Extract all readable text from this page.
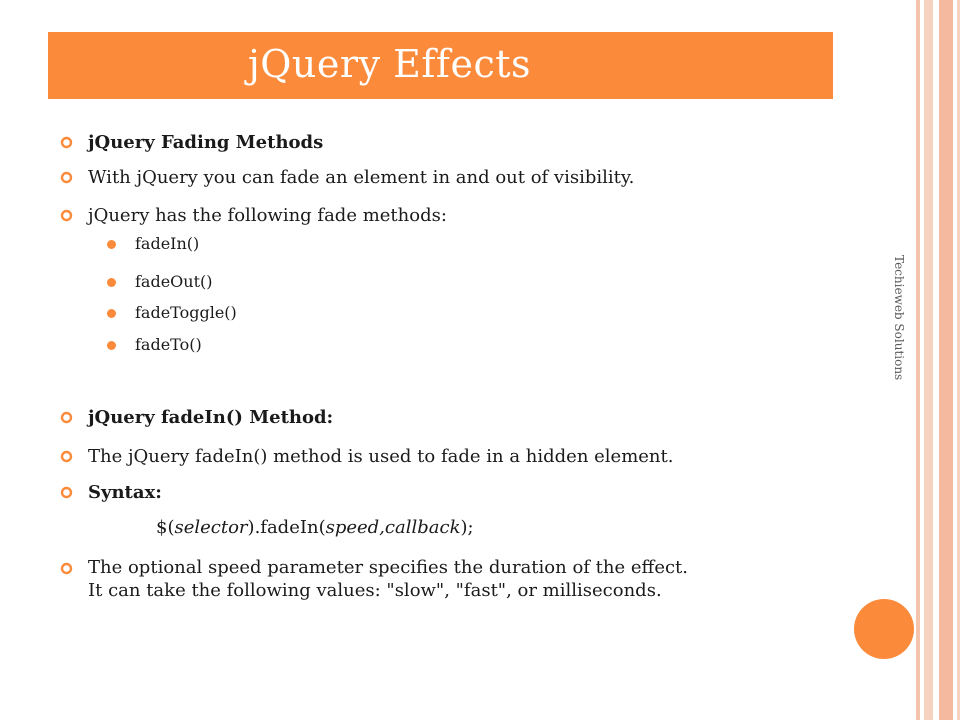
jQuery Effects
Techieweb Solutions
jQuery Fading Methods
With jQuery you can fade an element in and out of visibility.
jQuery has the following fade methods:
fadeIn()
fadeOut()
fadeToggle()
fadeTo()
jQuery fadeIn() Method:
The jQuery fadeIn() method is used to fade in a hidden element.
Syntax:
$(selector).fadeIn(speed,callback);
The optional speed parameter specifies the duration of the effect.
It can take the following values: "slow", "fast", or milliseconds.
